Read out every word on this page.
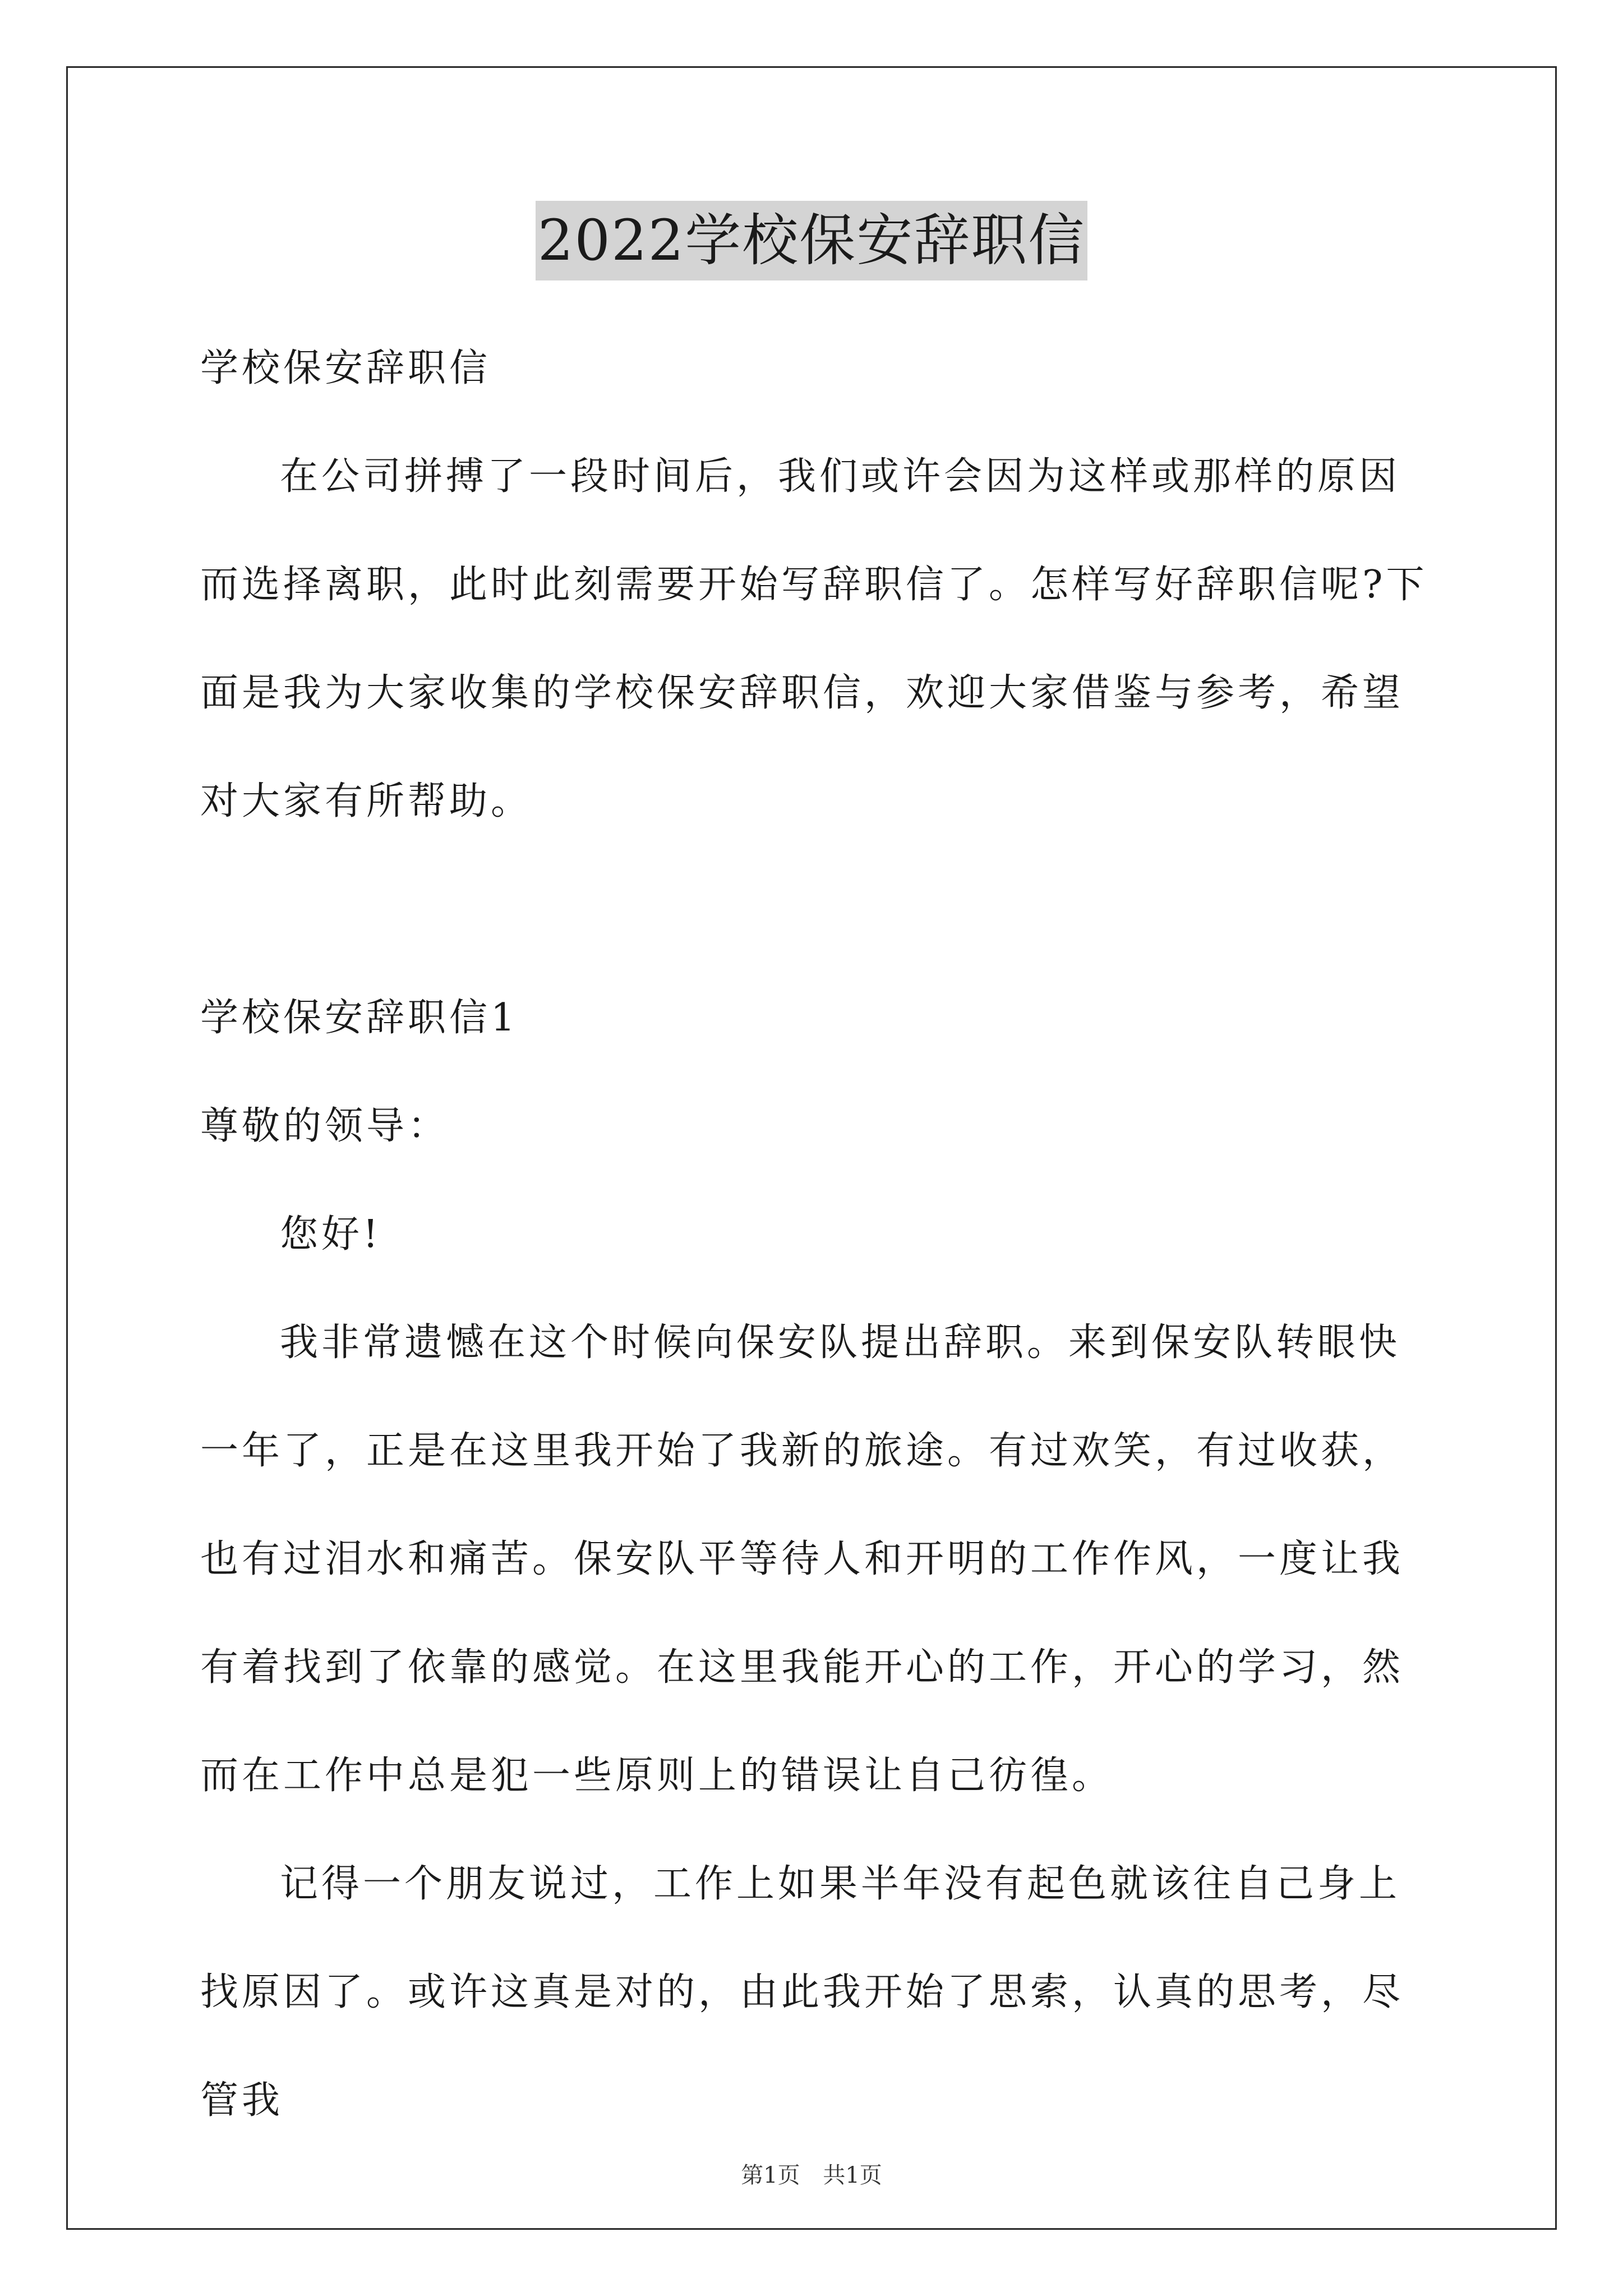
2022学校保安辞职信

学校保安辞职信

在公司拼搏了一段时间后，我们或许会因为这样或那样的原因而选择离职，此时此刻需要开始写辞职信了。怎样写好辞职信呢?下面是我为大家收集的学校保安辞职信，欢迎大家借鉴与参考，希望对大家有所帮助。

学校保安辞职信1

尊敬的领导：

您好!

我非常遗憾在这个时候向保安队提出辞职。来到保安队转眼快一年了，正是在这里我开始了我新的旅途。有过欢笑，有过收获，也有过泪水和痛苦。保安队平等待人和开明的工作作风，一度让我有着找到了依靠的感觉。在这里我能开心的工作，开心的学习，然而在工作中总是犯一些原则上的错误让自己彷徨。

记得一个朋友说过，工作上如果半年没有起色就该往自己身上找原因了。或许这真是对的，由此我开始了思索，认真的思考，尽管我

第1页 共1页
